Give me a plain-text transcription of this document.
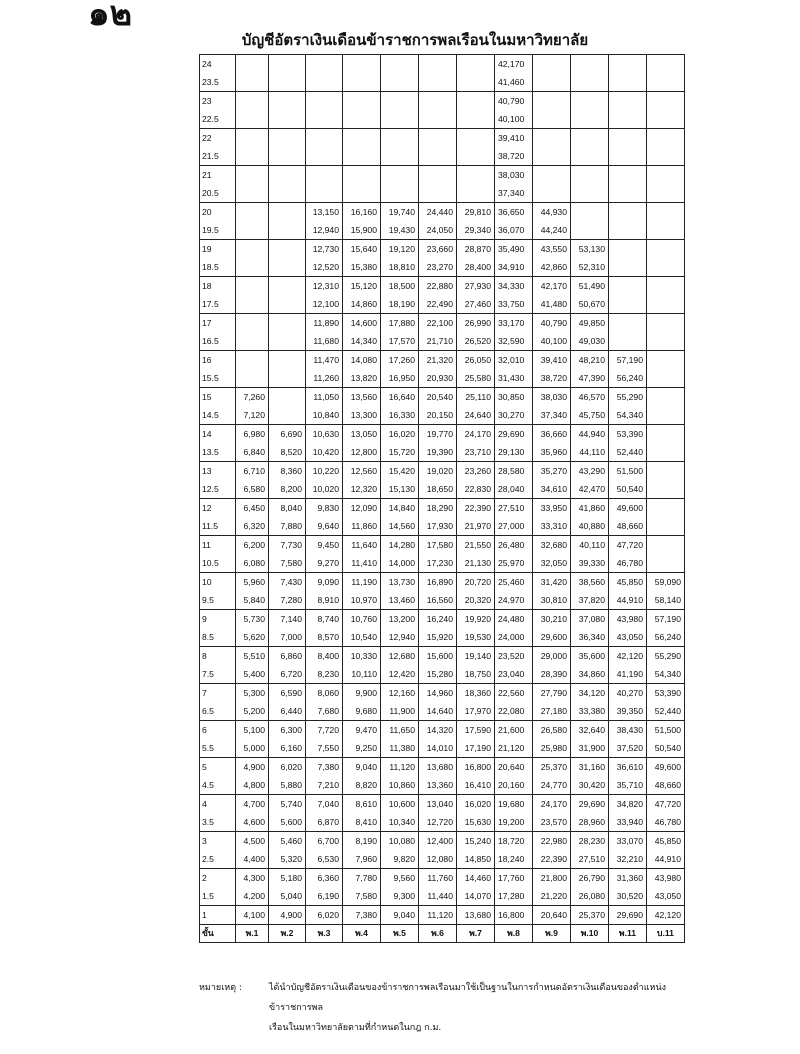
๑๒
บัญชีอัตราเงินเดือนข้าราชการพลเรือนในมหาวิทยาลัย
24								42,170				
23.5								41,460				
23								40,790				
22.5								40,100				
22								39,410				
21.5								38,720				
21								38,030				
20.5								37,340				
20			13,150	16,160	19,740	24,440	29,810	36,650	44,930			
19.5			12,940	15,900	19,430	24,050	29,340	36,070	44,240			
19			12,730	15,640	19,120	23,660	28,870	35,490	43,550	53,130		
18.5			12,520	15,380	18,810	23,270	28,400	34,910	42,860	52,310		
18			12,310	15,120	18,500	22,880	27,930	34,330	42,170	51,490		
17.5			12,100	14,860	18,190	22,490	27,460	33,750	41,480	50,670		
17			11,890	14,600	17,880	22,100	26,990	33,170	40,790	49,850		
16.5			11,680	14,340	17,570	21,710	26,520	32,590	40,100	49,030		
16			11,470	14,080	17,260	21,320	26,050	32,010	39,410	48,210	57,190	
15.5			11,260	13,820	16,950	20,930	25,580	31,430	38,720	47,390	56,240	
15	7,260		11,050	13,560	16,640	20,540	25,110	30,850	38,030	46,570	55,290	
14.5	7,120		10,840	13,300	16,330	20,150	24,640	30,270	37,340	45,750	54,340	
14	6,980	6,690	10,630	13,050	16,020	19,770	24,170	29,690	36,660	44,940	53,390	
13.5	6,840	8,520	10,420	12,800	15,720	19,390	23,710	29,130	35,960	44,110	52,440	
13	6,710	8,360	10,220	12,560	15,420	19,020	23,260	28,580	35,270	43,290	51,500	
12.5	6,580	8,200	10,020	12,320	15,130	18,650	22,830	28,040	34,610	42,470	50,540	
12	6,450	8,040	9,830	12,090	14,840	18,290	22,390	27,510	33,950	41,860	49,600	
11.5	6,320	7,880	9,640	11,860	14,560	17,930	21,970	27,000	33,310	40,880	48,660	
11	6,200	7,730	9,450	11,640	14,280	17,580	21,550	26,480	32,680	40,110	47,720	
10.5	6,080	7,580	9,270	11,410	14,000	17,230	21,130	25,970	32,050	39,330	46,780	
10	5,960	7,430	9,090	11,190	13,730	16,890	20,720	25,460	31,420	38,560	45,850	59,090
9.5	5,840	7,280	8,910	10,970	13,460	16,560	20,320	24,970	30,810	37,820	44,910	58,140
9	5,730	7,140	8,740	10,760	13,200	16,240	19,920	24,480	30,210	37,080	43,980	57,190
8.5	5,620	7,000	8,570	10,540	12,940	15,920	19,530	24,000	29,600	36,340	43,050	56,240
8	5,510	6,860	8,400	10,330	12,680	15,600	19,140	23,520	29,000	35,600	42,120	55,290
7.5	5,400	6,720	8,230	10,110	12,420	15,280	18,750	23,040	28,390	34,860	41,190	54,340
7	5,300	6,590	8,060	9,900	12,160	14,960	18,360	22,560	27,790	34,120	40,270	53,390
6.5	5,200	6,440	7,680	9,680	11,900	14,640	17,970	22,080	27,180	33,380	39,350	52,440
6	5,100	6,300	7,720	9,470	11,650	14,320	17,590	21,600	26,580	32,640	38,430	51,500
5.5	5,000	6,160	7,550	9,250	11,380	14,010	17,190	21,120	25,980	31,900	37,520	50,540
5	4,900	6,020	7,380	9,040	11,120	13,680	16,800	20,640	25,370	31,160	36,610	49,600
4.5	4,800	5,880	7,210	8,820	10,860	13,360	16,410	20,160	24,770	30,420	35,710	48,660
4	4,700	5,740	7,040	8,610	10,600	13,040	16,020	19,680	24,170	29,690	34,820	47,720
3.5	4,600	5,600	6,870	8,410	10,340	12,720	15,630	19,200	23,570	28,960	33,940	46,780
3	4,500	5,460	6,700	8,190	10,080	12,400	15,240	18,720	22,980	28,230	33,070	45,850
2.5	4,400	5,320	6,530	7,960	9,820	12,080	14,850	18,240	22,390	27,510	32,210	44,910
2	4,300	5,180	6,360	7,780	9,560	11,760	14,460	17,760	21,800	26,790	31,360	43,980
1.5	4,200	5,040	6,190	7,580	9,300	11,440	14,070	17,280	21,220	26,080	30,520	43,050
1	4,100	4,900	6,020	7,380	9,040	11,120	13,680	16,800	20,640	25,370	29,690	42,120
ขั้น	พ.1	พ.2	พ.3	พ.4	พ.5	พ.6	พ.7	พ.8	พ.9	พ.10	พ.11	บ.11
หมายเหตุ :	ได้นำบัญชีอัตราเงินเดือนของข้าราชการพลเรือนมาใช้เป็นฐานในการกำหนดอัตราเงินเดือนของตำแหน่งข้าราชการพล
เรือนในมหาวิทยาลัยตามที่กำหนดในกฎ ก.ม.
